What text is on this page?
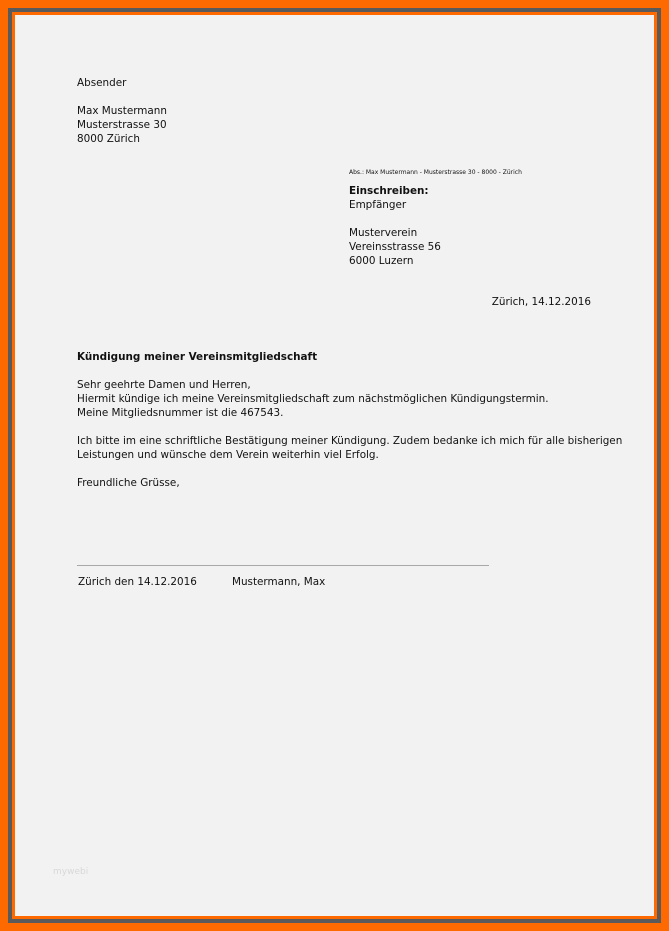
Absender
Max Mustermann
Musterstrasse 30
8000 Zürich
Abs.: Max Mustermann - Musterstrasse 30 - 8000 - Zürich
Einschreiben:
Empfänger
Musterverein
Vereinsstrasse 56
6000 Luzern
Zürich, 14.12.2016
Kündigung meiner Vereinsmitgliedschaft
Sehr geehrte Damen und Herren,
Hiermit kündige ich meine Vereinsmitgliedschaft zum nächstmöglichen Kündigungstermin.
Meine Mitgliedsnummer ist die 467543.
Ich bitte im eine schriftliche Bestätigung meiner Kündigung. Zudem bedanke ich mich für alle bisherigen
Leistungen und wünsche dem Verein weiterhin viel Erfolg.
Freundliche Grüsse,
Zürich den 14.12.2016	Mustermann, Max
mywebi
